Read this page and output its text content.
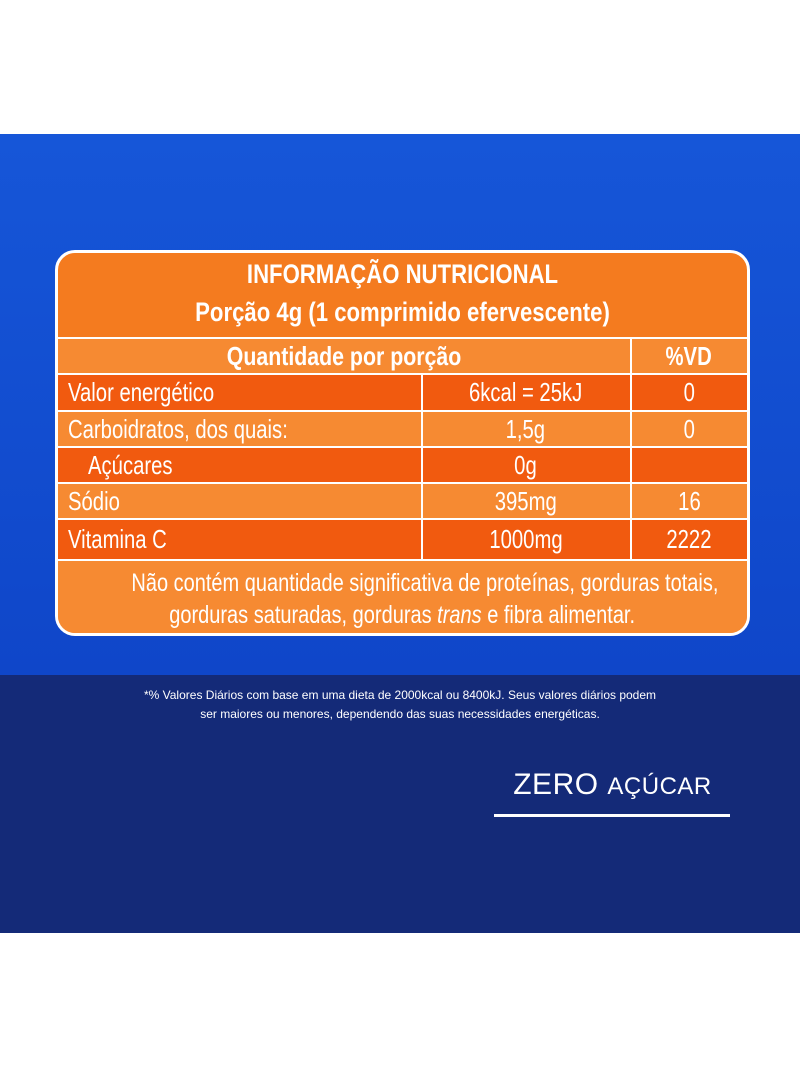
INFORMAÇÃO NUTRICIONAL
Porção 4g (1 comprimido efervescente)
Quantidade por porção	%VD
Valor energético	6kcal = 25kJ	0
Carboidratos, dos quais:	1,5g	0
Açúcares	0g
Sódio	395mg	16
Vitamina C	1000mg	2222
Não contém quantidade significativa de proteínas, gorduras totais,
gorduras saturadas, gorduras trans e fibra alimentar.
*% Valores Diários com base em uma dieta de 2000kcal ou 8400kJ. Seus valores diários podem
ser maiores ou menores, dependendo das suas necessidades energéticas.
ZERO AÇÚCAR
